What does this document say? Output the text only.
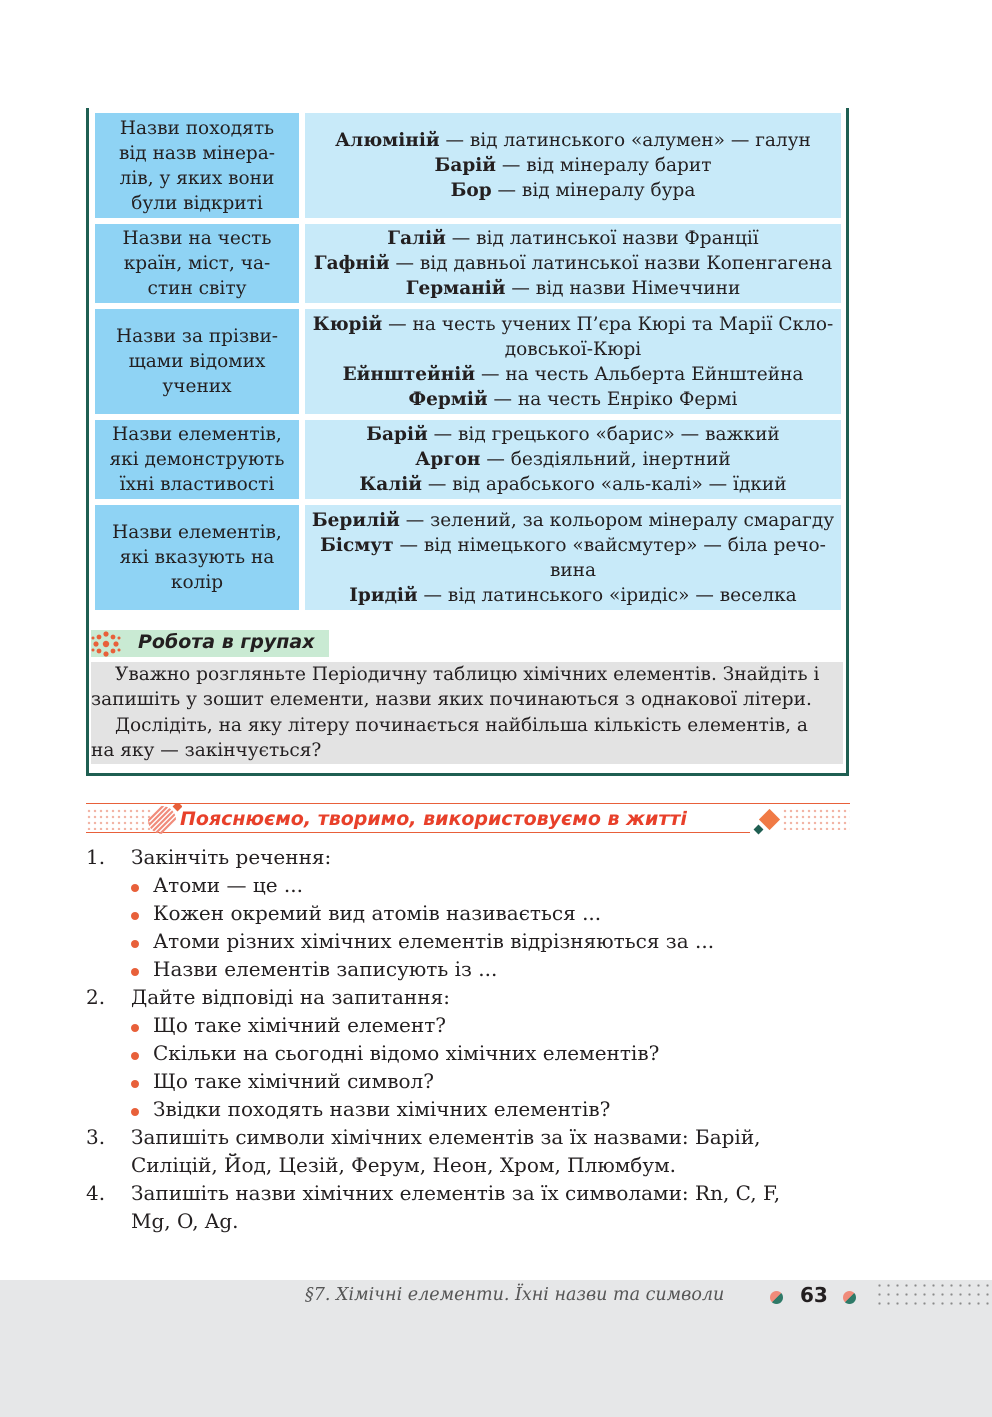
Назви походять
від назв мінера-
лів, у яких вони
були відкриті
Алюміній — від латинського «алумен» — галун
Барій — від мінералу барит
Бор — від мінералу бура
Назви на честь
країн, міст, ча-
стин світу
Галій — від латинської назви Франції
Гафній — від давньої латинської назви Копенгагена
Германій — від назви Німеччини
Назви за прізви-
щами відомих
учених
Кюрій — на честь учених П’єра Кюрі та Марії Скло-
довської-Кюрі
Ейнштейній — на честь Альберта Ейнштейна
Фермій — на честь Енріко Фермі
Назви елементів,
які демонструють
їхні властивості
Барій — від грецького «барис» — важкий
Аргон — бездіяльний, інертний
Калій — від арабського «аль-калі» — їдкий
Назви елементів,
які вказують на
колір
Берилій — зелений, за кольором мінералу смарагду
Бісмут — від німецького «вайсмутер» — біла речо-
вина
Іридій — від латинського «іридіс» — веселка
Робота в групах
Уважно розгляньте Періодичну таблицю хімічних елементів. Знайдіть і
запишіть у зошит елементи, назви яких починаються з однакової літери.
Дослідіть, на яку літеру починається найбільша кількість елементів, а
на яку — закінчується?
Пояснюємо, творимо, використовуємо в житті
1. Закінчіть речення:
Атоми — це ...
Кожен окремий вид атомів називається ...
Атоми різних хімічних елементів відрізняються за ...
Назви елементів записують із ...
2. Дайте відповіді на запитання:
Що таке хімічний елемент?
Скільки на сьогодні відомо хімічних елементів?
Що таке хімічний символ?
Звідки походять назви хімічних елементів?
3. Запишіть символи хімічних елементів за їх назвами: Барій,
Силіцій, Йод, Цезій, Ферум, Неон, Хром, Плюмбум.
4. Запишіть назви хімічних елементів за їх символами: Rn, C, F,
Mg, O, Ag.
§7. Хімічні елементи. Їхні назви та символи	63
